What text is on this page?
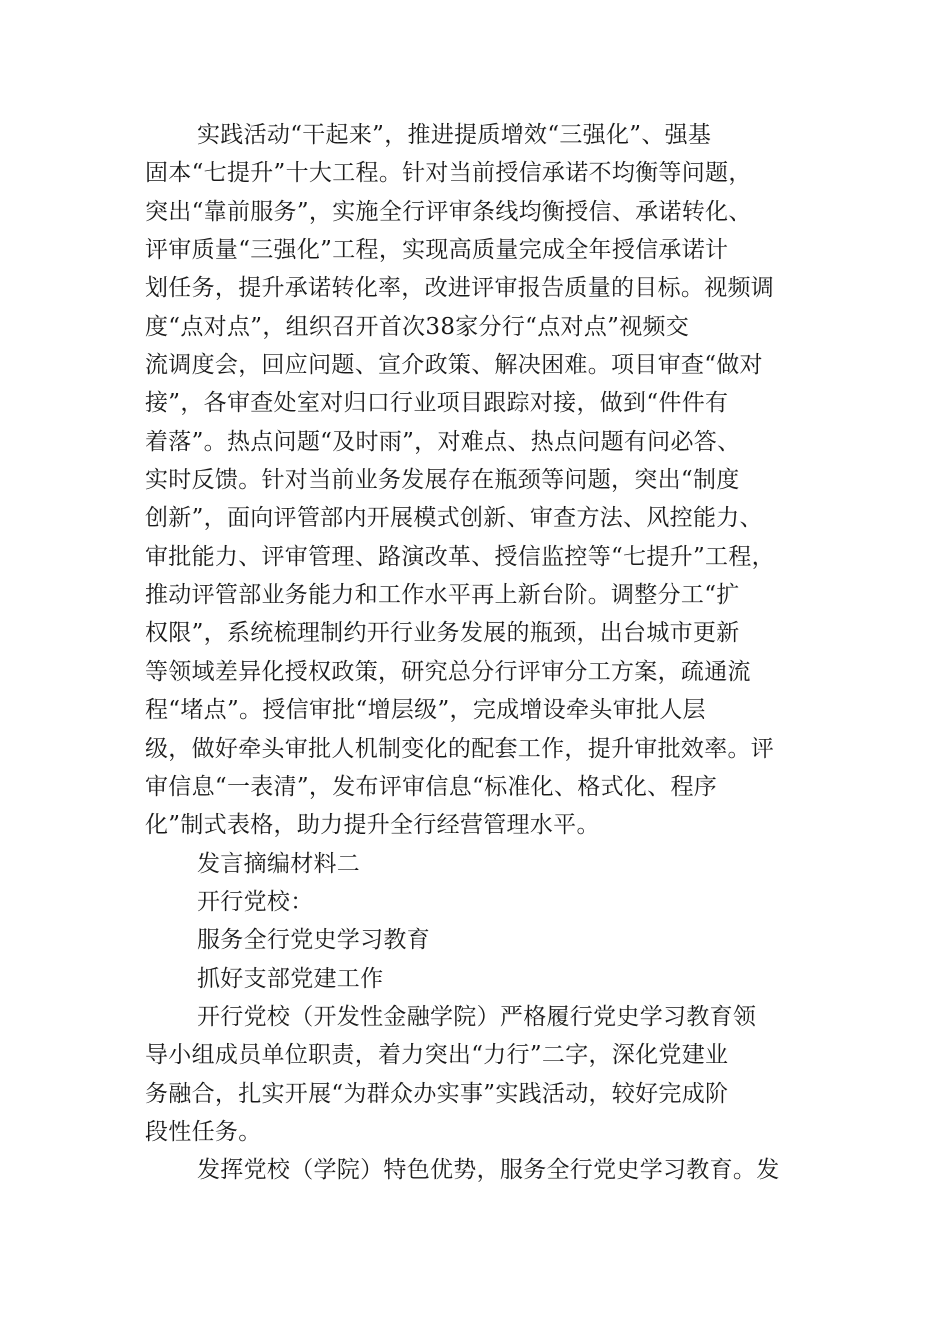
实践活动“干起来”，推进提质增效“三强化”、强基
固本“七提升”十大工程。针对当前授信承诺不均衡等问题，
突出“靠前服务”，实施全行评审条线均衡授信、承诺转化、
评审质量“三强化”工程，实现高质量完成全年授信承诺计
划任务，提升承诺转化率，改进评审报告质量的目标。视频调
度“点对点”，组织召开首次38家分行“点对点”视频交
流调度会，回应问题、宣介政策、解决困难。项目审查“做对
接”，各审查处室对归口行业项目跟踪对接，做到“件件有
着落”。热点问题“及时雨”，对难点、热点问题有问必答、
实时反馈。针对当前业务发展存在瓶颈等问题，突出“制度
创新”，面向评管部内开展模式创新、审查方法、风控能力、
审批能力、评审管理、路演改革、授信监控等“七提升”工程，
推动评管部业务能力和工作水平再上新台阶。调整分工“扩
权限”，系统梳理制约开行业务发展的瓶颈，出台城市更新
等领域差异化授权政策，研究总分行评审分工方案，疏通流
程“堵点”。授信审批“增层级”，完成增设牵头审批人层
级，做好牵头审批人机制变化的配套工作，提升审批效率。评
审信息“一表清”，发布评审信息“标准化、格式化、程序
化”制式表格，助力提升全行经营管理水平。
发言摘编材料二
开行党校：
服务全行党史学习教育
抓好支部党建工作
开行党校（开发性金融学院）严格履行党史学习教育领
导小组成员单位职责，着力突出“力行”二字，深化党建业
务融合，扎实开展“为群众办实事”实践活动，较好完成阶
段性任务。
发挥党校（学院）特色优势，服务全行党史学习教育。发
